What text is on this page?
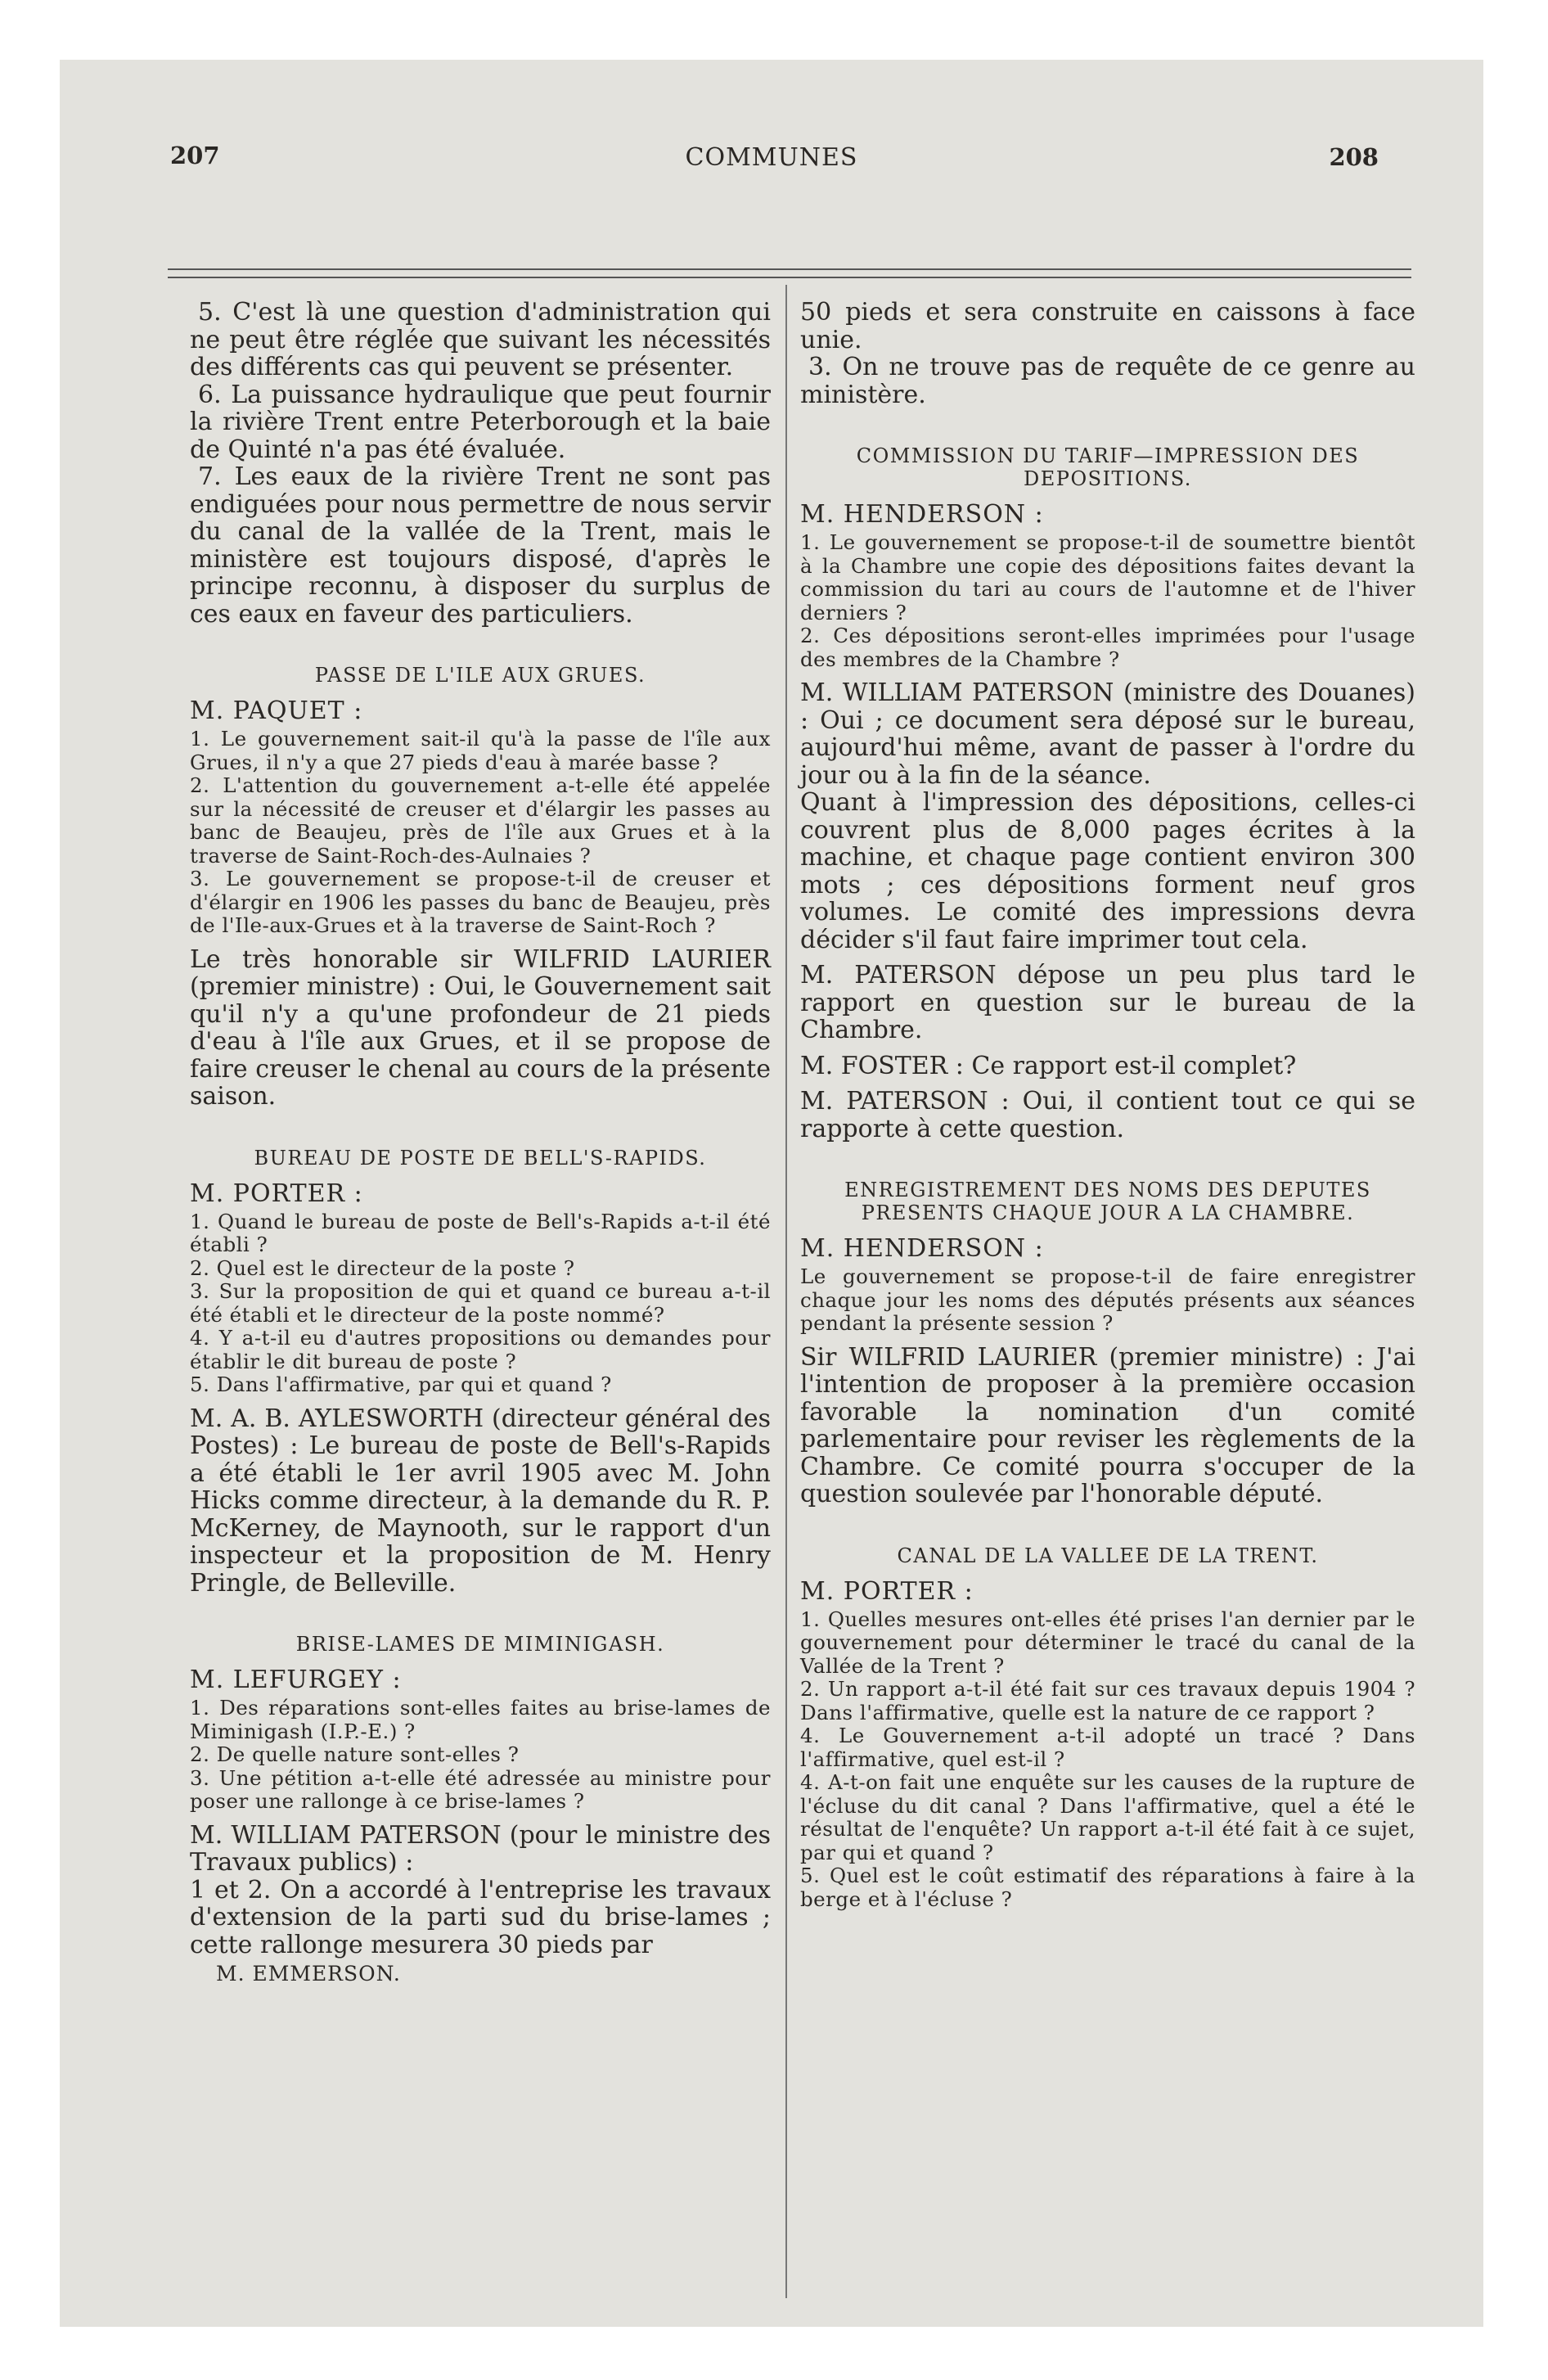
207	COMMUNES	208

5. C'est là une question d'administration qui ne peut être réglée que suivant les nécessités des différents cas qui peuvent se présenter.

6. La puissance hydraulique que peut fournir la rivière Trent entre Peterborough et la baie de Quinté n'a pas été évaluée.

7. Les eaux de la rivière Trent ne sont pas endiguées pour nous permettre de nous servir du canal de la vallée de la Trent, mais le ministère est toujours disposé, d'après le principe reconnu, à disposer du surplus de ces eaux en faveur des particuliers.

PASSE DE L'ILE AUX GRUES.

M. PAQUET :

1. Le gouvernement sait-il qu'à la passe de l'île aux Grues, il n'y a que 27 pieds d'eau à marée basse ?

2. L'attention du gouvernement a-t-elle été appelée sur la nécessité de creuser et d'élargir les passes au banc de Beaujeu, près de l'île aux Grues et à la traverse de Saint-Roch-des-Aulnaies ?

3. Le gouvernement se propose-t-il de creuser et d'élargir en 1906 les passes du banc de Beaujeu, près de l'Ile-aux-Grues et à la traverse de Saint-Roch ?

Le très honorable sir WILFRID LAURIER (premier ministre) : Oui, le Gouvernement sait qu'il n'y a qu'une profondeur de 21 pieds d'eau à l'île aux Grues, et il se propose de faire creuser le chenal au cours de la présente saison.

BUREAU DE POSTE DE BELL'S-RAPIDS.

M. PORTER :

1. Quand le bureau de poste de Bell's-Rapids a-t-il été établi ?

2. Quel est le directeur de la poste ?

3. Sur la proposition de qui et quand ce bureau a-t-il été établi et le directeur de la poste nommé?

4. Y a-t-il eu d'autres propositions ou demandes pour établir le dit bureau de poste ?

5. Dans l'affirmative, par qui et quand ?

M. A. B. AYLESWORTH (directeur général des Postes) : Le bureau de poste de Bell's-Rapids a été établi le 1er avril 1905 avec M. John Hicks comme directeur, à la demande du R. P. McKerney, de Maynooth, sur le rapport d'un inspecteur et la proposition de M. Henry Pringle, de Belleville.

BRISE-LAMES DE MIMINIGASH.

M. LEFURGEY :

1. Des réparations sont-elles faites au brise-lames de Miminigash (I.P.-E.) ?

2. De quelle nature sont-elles ?

3. Une pétition a-t-elle été adressée au ministre pour poser une rallonge à ce brise-lames ?

M. WILLIAM PATERSON (pour le ministre des Travaux publics) :

1 et 2. On a accordé à l'entreprise les travaux d'extension de la parti sud du brise-lames ; cette rallonge mesurera 30 pieds par

M. EMMERSON.

50 pieds et sera construite en caissons à face unie.

3. On ne trouve pas de requête de ce genre au ministère.

COMMISSION DU TARIF—IMPRESSION DES DEPOSITIONS.

M. HENDERSON :

1. Le gouvernement se propose-t-il de soumettre bientôt à la Chambre une copie des dépositions faites devant la commission du tari au cours de l'automne et de l'hiver derniers ?

2. Ces dépositions seront-elles imprimées pour l'usage des membres de la Chambre ?

M. WILLIAM PATERSON (ministre des Douanes) : Oui ; ce document sera déposé sur le bureau, aujourd'hui même, avant de passer à l'ordre du jour ou à la fin de la séance.

Quant à l'impression des dépositions, celles-ci couvrent plus de 8,000 pages écrites à la machine, et chaque page contient environ 300 mots ; ces dépositions forment neuf gros volumes. Le comité des impressions devra décider s'il faut faire imprimer tout cela.

M. PATERSON dépose un peu plus tard le rapport en question sur le bureau de la Chambre.

M. FOSTER : Ce rapport est-il complet?

M. PATERSON : Oui, il contient tout ce qui se rapporte à cette question.

ENREGISTREMENT DES NOMS DES DEPUTES PRESENTS CHAQUE JOUR A LA CHAMBRE.

M. HENDERSON :

Le gouvernement se propose-t-il de faire enregistrer chaque jour les noms des députés présents aux séances pendant la présente session ?

Sir WILFRID LAURIER (premier ministre) : J'ai l'intention de proposer à la première occasion favorable la nomination d'un comité parlementaire pour reviser les règlements de la Chambre. Ce comité pourra s'occuper de la question soulevée par l'honorable député.

CANAL DE LA VALLEE DE LA TRENT.

M. PORTER :

1. Quelles mesures ont-elles été prises l'an dernier par le gouvernement pour déterminer le tracé du canal de la Vallée de la Trent ?

2. Un rapport a-t-il été fait sur ces travaux depuis 1904 ? Dans l'affirmative, quelle est la nature de ce rapport ?

4. Le Gouvernement a-t-il adopté un tracé ? Dans l'affirmative, quel est-il ?

4. A-t-on fait une enquête sur les causes de la rupture de l'écluse du dit canal ? Dans l'affirmative, quel a été le résultat de l'enquête? Un rapport a-t-il été fait à ce sujet, par qui et quand ?

5. Quel est le coût estimatif des réparations à faire à la berge et à l'écluse ?
